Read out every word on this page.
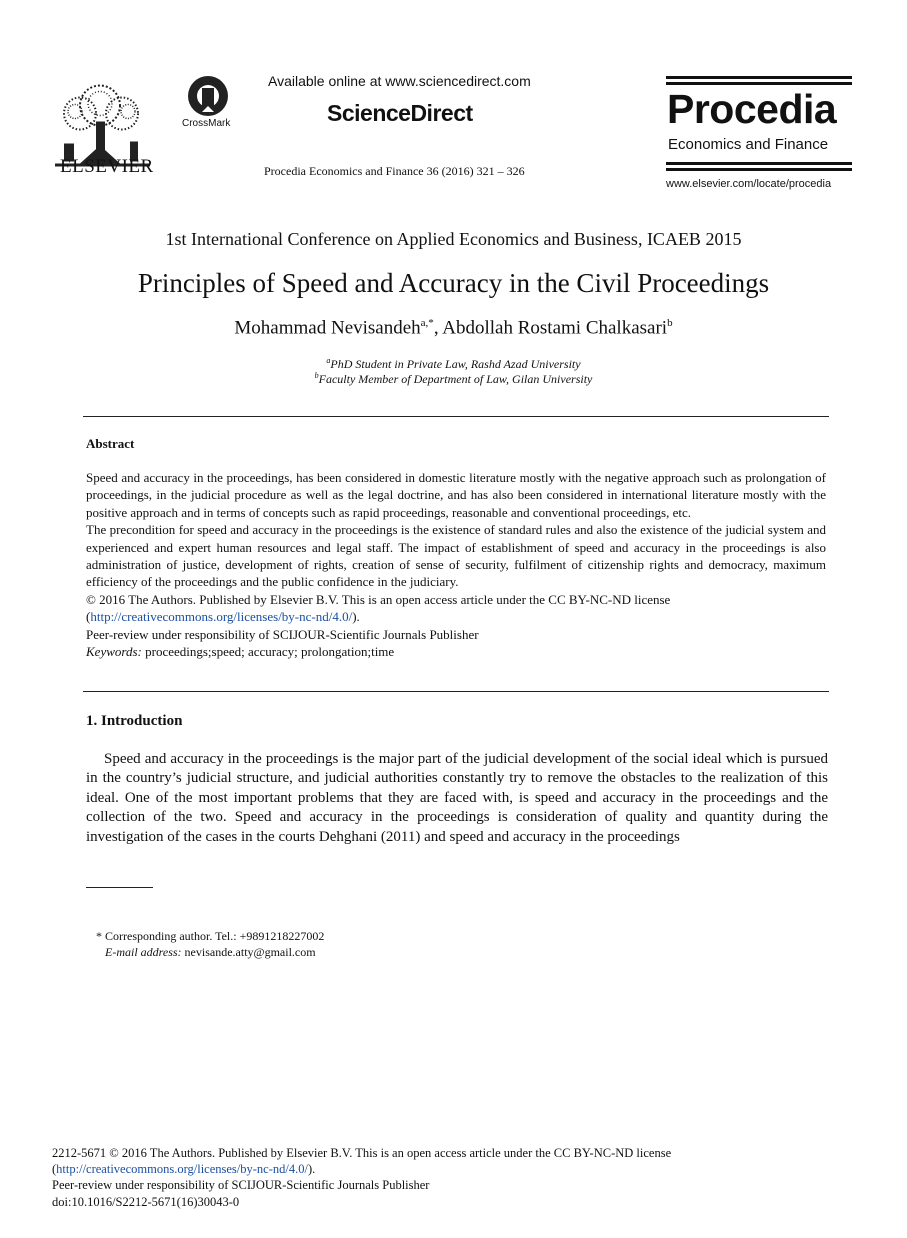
ELSEVIER
CrossMark
Available online at www.sciencedirect.com
ScienceDirect
Procedia Economics and Finance 36 (2016) 321 – 326
Procedia
Economics and Finance
www.elsevier.com/locate/procedia
1st International Conference on Applied Economics and Business, ICAEB 2015
Principles of Speed and Accuracy in the Civil Proceedings
Mohammad Nevisandeh$^{a,*}$, Abdollah Rostami Chalkasari$^b$
$^a$PhD Student in Private Law, Rashd Azad University
$^b$Faculty Member of Department of Law, Gilan University
Abstract

Speed and accuracy in the proceedings, has been considered in domestic literature mostly with the negative approach such as prolongation of proceedings, in the judicial procedure as well as the legal doctrine, and has also been considered in international literature mostly with the positive approach and in terms of concepts such as rapid proceedings, reasonable and conventional proceedings, etc.

The precondition for speed and accuracy in the proceedings is the existence of standard rules and also the existence of the judicial system and experienced and expert human resources and legal staff. The impact of establishment of speed and accuracy in the proceedings is also administration of justice, development of rights, creation of sense of security, fulfilment of citizenship rights and democracy, maximum efficiency of the proceedings and the public confidence in the judiciary.

© 2016 The Authors. Published by Elsevier B.V. This is an open access article under the CC BY-NC-ND license

(http://creativecommons.org/licenses/by-nc-nd/4.0/).

Peer-review under responsibility of SCIJOUR-Scientific Journals Publisher

Keywords: proceedings;speed; accuracy; prolongation;time

1. Introduction

Speed and accuracy in the proceedings is the major part of the judicial development of the social ideal which is pursued in the country’s judicial structure, and judicial authorities constantly try to remove the obstacles to the realization of this ideal. One of the most important problems that they are faced with, is speed and accuracy in the proceedings and the collection of the two. Speed and accuracy in the proceedings is consideration of quality and quantity during the investigation of the cases in the courts Dehghani (2011) and speed and accuracy in the proceedings

* Corresponding author. Tel.: +989121822700​2
E-mail address: nevisande.atty@gmail.com
2212-5671 © 2016 The Authors. Published by Elsevier B.V. This is an open access article under the CC BY-NC-ND license
(http://creativecommons.org/licenses/by-nc-nd/4.0/).
Peer-review under responsibility of SCIJOUR-Scientific Journals Publisher
doi:10.1016/S2212-5671(16)30043-0
